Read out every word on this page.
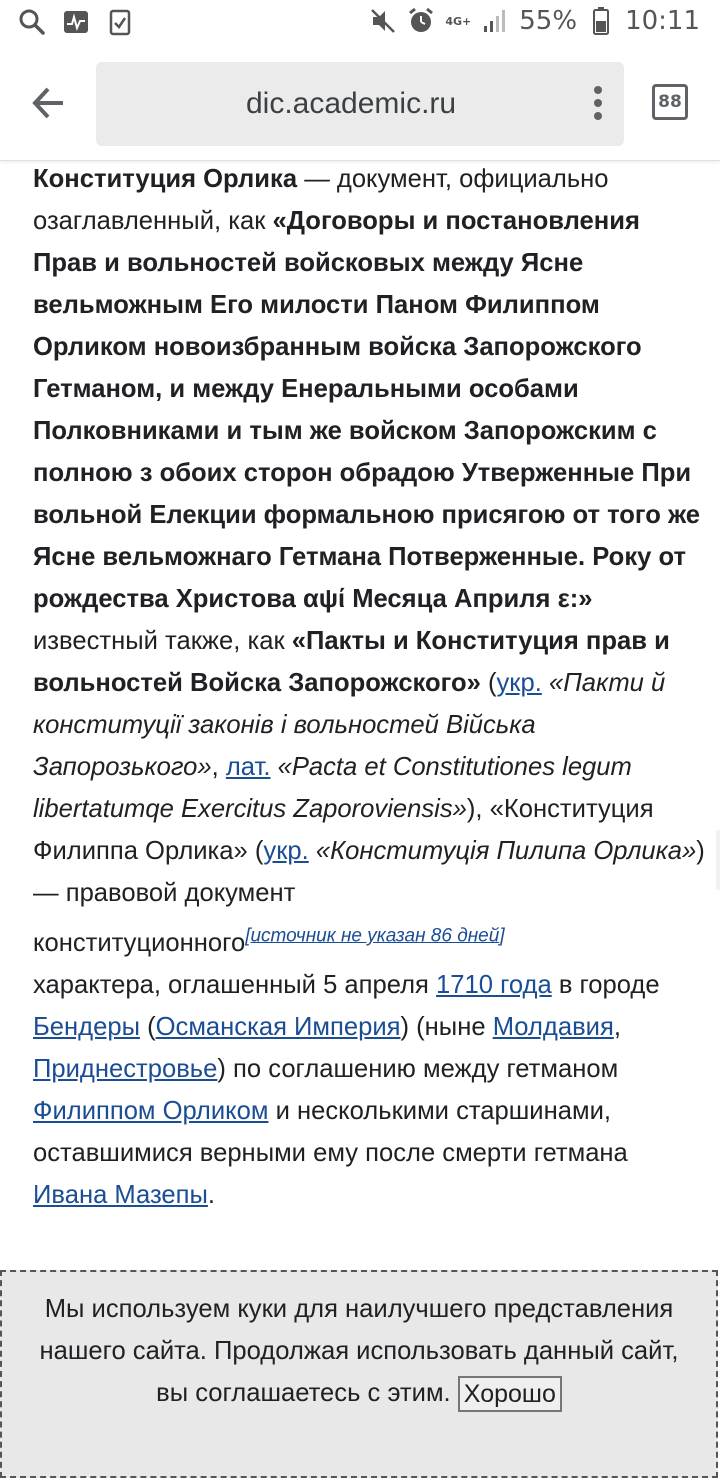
4G+ 55% 10:11
dic.academic.ru	88

Конституция Орлика — документ, официально озаглавленный, как «Договоры и постановления Прав и вольностей войсковых между Ясне вельможным Его милости Паном Филиппом Орликом новоизбранным войска Запорожского Гетманом, и между Енеральными особами Полковниками и тым же войском Запорожским с полною з обоих сторон обрадою Утверженные При вольной Елекции формальною присягою от того же Ясне вельможнаго Гетмана Потверженные. Року от рождества Христова αψί Месяца Априля ε:» известный также, как «Пакты и Конституция прав и вольностей Войска Запорожского» (укр. «Пакти й конституції законів і вольностей Війська Запорозького», лат. «Pacta et Constitutiones legum libertatumqe Exercitus Zaporoviensis»), «Конституция Филиппа Орлика» (укр. «Конституція Пилипа Орлика») — правовой документ

конституционного[источник не указан 86 дней]
характера, оглашенный 5 апреля 1710 года в городе Бендеры (Османская Империя) (ныне Молдавия, Приднестровье) по соглашению между гетманом Филиппом Орликом и несколькими старшинами, оставшимися верными ему после смерти гетмана Ивана Мазепы.

Мы используем куки для наилучшего представления нашего сайта. Продолжая использовать данный сайт, вы соглашаетесь с этим. Хорошо
